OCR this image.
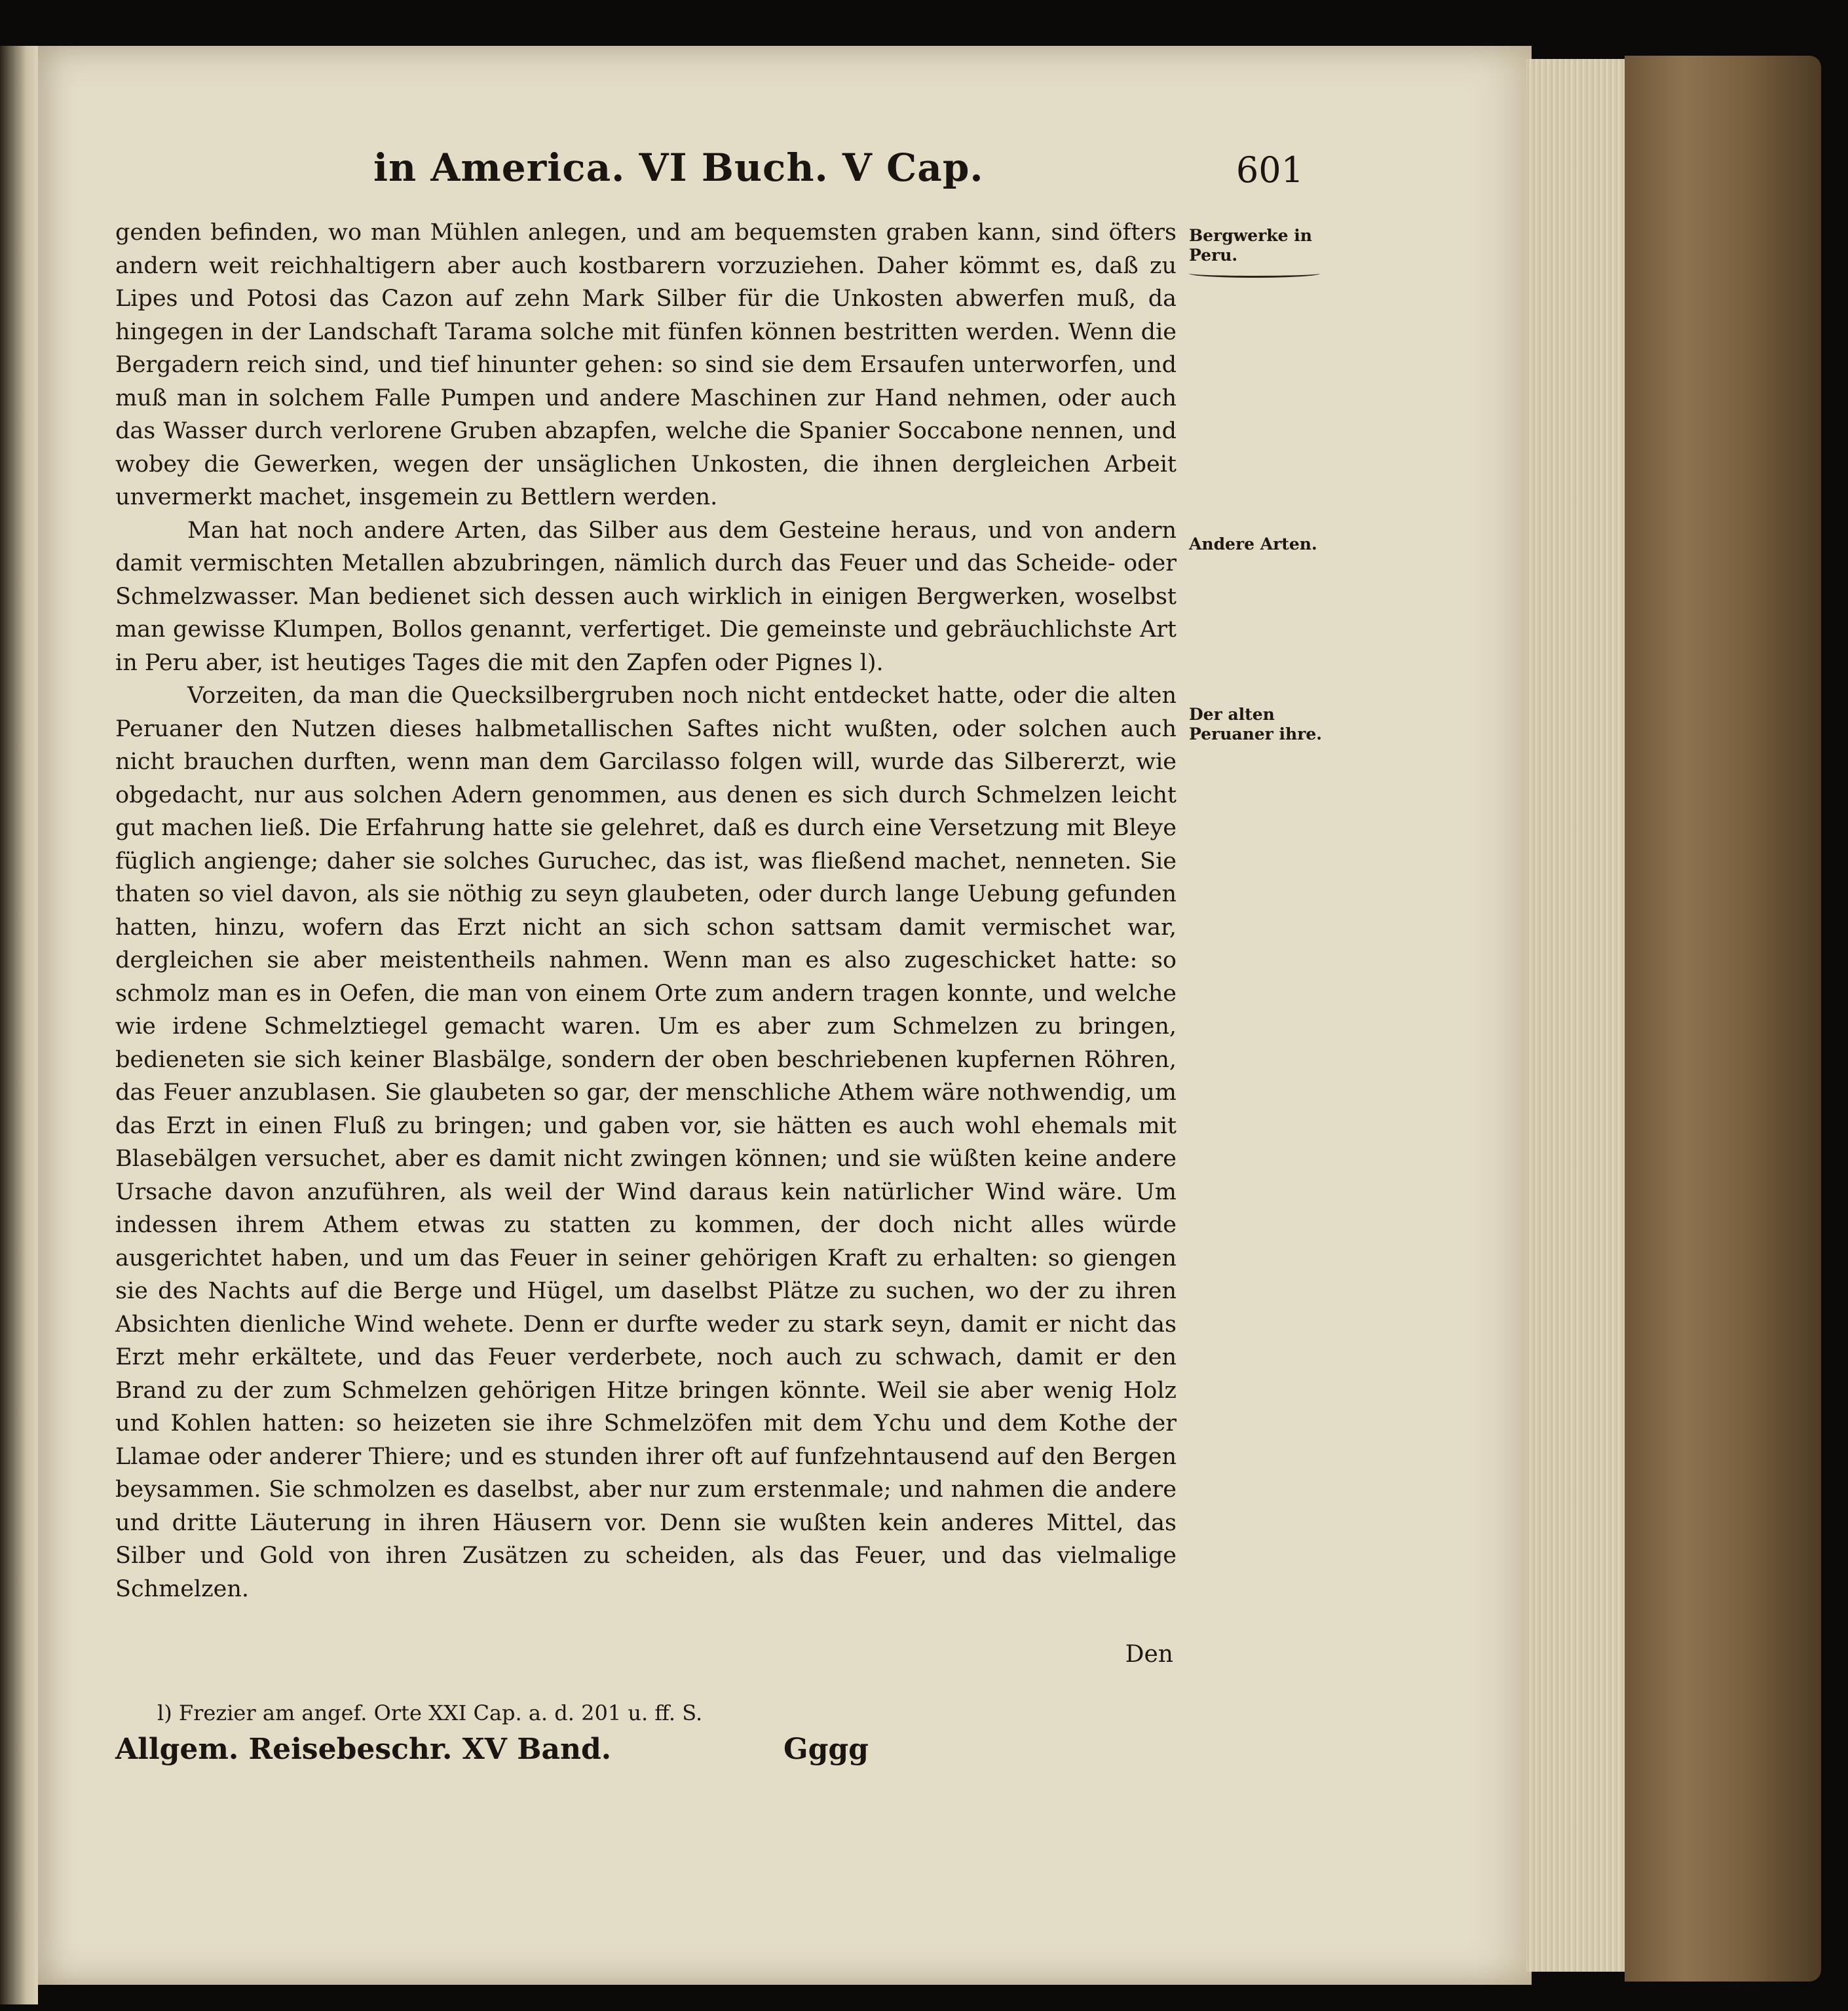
in America. VI Buch. V Cap.	601

genden befinden, wo man Mühlen anlegen, und am bequemsten graben kann, sind öfters andern weit reichhaltigern aber auch kostbarern vorzuziehen. Daher kömmt es, daß zu Lipes und Potosi das Cazon auf zehn Mark Silber für die Unkosten abwerfen muß, da hingegen in der Landschaft Tarama solche mit fünfen können bestritten werden. Wenn die Bergadern reich sind, und tief hinunter gehen: so sind sie dem Ersaufen unterworfen, und muß man in solchem Falle Pumpen und andere Maschinen zur Hand nehmen, oder auch das Wasser durch verlorene Gruben abzapfen, welche die Spanier Soccabone nennen, und wobey die Gewerken, wegen der unsäglichen Unkosten, die ihnen dergleichen Arbeit unvermerkt machet, insgemein zu Bettlern werden.

Man hat noch andere Arten, das Silber aus dem Gesteine heraus, und von andern damit vermischten Metallen abzubringen, nämlich durch das Feuer und das Scheide- oder Schmelzwasser. Man bedienet sich dessen auch wirklich in einigen Bergwerken, woselbst man gewisse Klumpen, Bollos genannt, verfertiget. Die gemeinste und gebräuchlichste Art in Peru aber, ist heutiges Tages die mit den Zapfen oder Pignes l).

Vorzeiten, da man die Quecksilbergruben noch nicht entdecket hatte, oder die alten Peruaner den Nutzen dieses halbmetallischen Saftes nicht wußten, oder solchen auch nicht brauchen durften, wenn man dem Garcilasso folgen will, wurde das Silbererzt, wie obgedacht, nur aus solchen Adern genommen, aus denen es sich durch Schmelzen leicht gut machen ließ. Die Erfahrung hatte sie gelehret, daß es durch eine Versetzung mit Bleye füglich angienge; daher sie solches Guruchec, das ist, was fließend machet, nenneten. Sie thaten so viel davon, als sie nöthig zu seyn glaubeten, oder durch lange Uebung gefunden hatten, hinzu, wofern das Erzt nicht an sich schon sattsam damit vermischet war, dergleichen sie aber meistentheils nahmen. Wenn man es also zugeschicket hatte: so schmolz man es in Oefen, die man von einem Orte zum andern tragen konnte, und welche wie irdene Schmelztiegel gemacht waren. Um es aber zum Schmelzen zu bringen, bedieneten sie sich keiner Blasbälge, sondern der oben beschriebenen kupfernen Röhren, das Feuer anzublasen. Sie glaubeten so gar, der menschliche Athem wäre nothwendig, um das Erzt in einen Fluß zu bringen; und gaben vor, sie hätten es auch wohl ehemals mit Blasebälgen versuchet, aber es damit nicht zwingen können; und sie wüßten keine andere Ursache davon anzuführen, als weil der Wind daraus kein natürlicher Wind wäre. Um indessen ihrem Athem etwas zu statten zu kommen, der doch nicht alles würde ausgerichtet haben, und um das Feuer in seiner gehörigen Kraft zu erhalten: so giengen sie des Nachts auf die Berge und Hügel, um daselbst Plätze zu suchen, wo der zu ihren Absichten dienliche Wind wehete. Denn er durfte weder zu stark seyn, damit er nicht das Erzt mehr erkältete, und das Feuer verderbete, noch auch zu schwach, damit er den Brand zu der zum Schmelzen gehörigen Hitze bringen könnte. Weil sie aber wenig Holz und Kohlen hatten: so heizeten sie ihre Schmelzöfen mit dem Ychu und dem Kothe der Llamae oder anderer Thiere; und es stunden ihrer oft auf funfzehntausend auf den Bergen beysammen. Sie schmolzen es daselbst, aber nur zum erstenmale; und nahmen die andere und dritte Läuterung in ihren Häusern vor. Denn sie wußten kein anderes Mittel, das Silber und Gold von ihren Zusätzen zu scheiden, als das Feuer, und das vielmalige Schmelzen.

Den
Bergwerke in Peru.
Andere Arten.
Der alten Peruaner ihre.
l) Frezier am angef. Orte XXI Cap. a. d. 201 u. ff. S.
Allgem. Reisebeschr. XV Band.	Gggg
